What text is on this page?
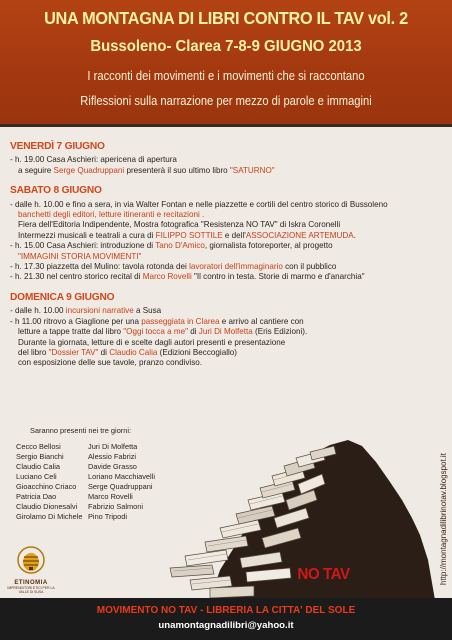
UNA MONTAGNA DI LIBRI CONTRO IL TAV vol. 2
Bussoleno- Clarea 7-8-9 GIUGNO 2013
I racconti dei movimenti e i movimenti che si raccontano
Riflessioni sulla narrazione per mezzo di parole e immagini
VENERDÌ 7 GIUGNO
- h. 19.00 Casa Aschieri: apericena di apertura
a seguire Serge Quadruppani presenterà il suo ultimo libro "SATURNO"
SABATO 8 GIUGNO
- dalle h. 10.00 e fino a sera, in via Walter Fontan e nelle piazzette e cortili del centro storico di Bussoleno
banchetti degli editori, letture itineranti e recitazioni .
Fiera dell'Editoria Indipendente, Mostra fotografica "Resistenza NO TAV" di Iskra Coronelli
Intermezzi musicali e teatrali a cura di FILIPPO SOTTILE e dell'ASSOCIAZIONE ARTEMUDA.
- h. 15.00 Casa Aschieri: introduzione di Tano D'Amico, giornalista fotoreporter, al progetto
"IMMAGINI STORIA MOVIMENTI"
- h. 17.30 piazzetta del Mulino: tavola rotonda dei lavoratori dell'immaginario con il pubblico
- h. 21.30 nel centro storico recital di Marco Rovelli "Il contro in testa. Storie di marmo e d'anarchia"
DOMENICA 9 GIUGNO
- dalle h. 10.00 incursioni narrative a Susa
- h 11.00 ritrovo a Giaglione per una passeggiata in Clarea e arrivo al cantiere con
letture a tappe tratte dal libro "Oggi tocca a me" di Juri Di Molfetta (Eris Edizioni).
Durante la giornata, letture di e scelte dagli autori presenti e presentazione
del libro "Dossier TAV" di Claudio Calia (Edizioni Beccogiallo)
con esposizione delle sue tavole, pranzo condiviso.
Saranno presenti nei tre giorni:
Cecco Bellosi
Sergio Bianchi
Claudio Calia
Luciano Celi
Gioacchino Criaco
Patricia Dao
Claudio Dionesalvi
Girolamo Di Michele
Juri Di Molfetta
Alessio Fabrizi
Davide Grasso
Loriano Macchiavelli
Serge Quadruppani
Marco Rovelli
Fabrizio Salmoni
Pino Tripodi	http://montagnadilibrinotav.blogspot.it
ETINOMIA
IMPRENDITORI ETICI PER LA VALLE DI SUSA
NO TAV
MOVIMENTO NO TAV - LIBRERIA LA CITTA' DEL SOLE
unamontagnadilibri@yahoo.it
